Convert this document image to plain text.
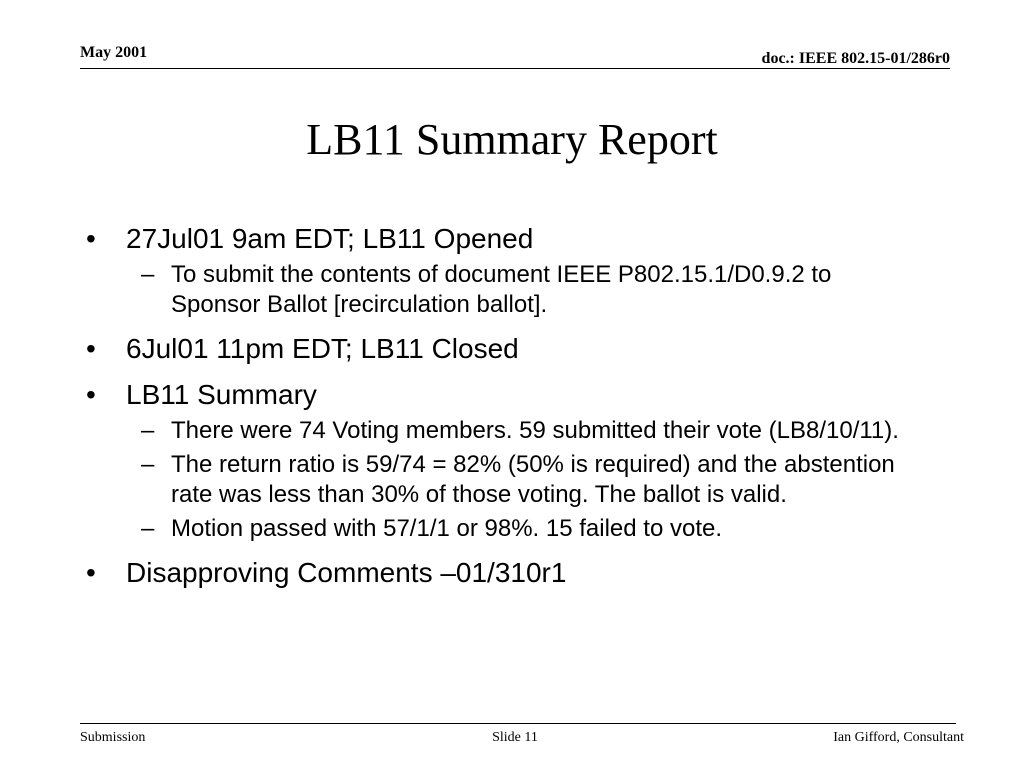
May 2001	doc.: IEEE 802.15-01/286r0
LB11 Summary Report
• 27Jul01 9am EDT; LB11 Opened
– To submit the contents of document IEEE P802.15.1/D0.9.2 to Sponsor Ballot [recirculation ballot].
• 6Jul01 11pm EDT; LB11 Closed
• LB11 Summary
– There were 74 Voting members. 59 submitted their vote (LB8/10/11).
– The return ratio is 59/74 = 82% (50% is required) and the abstention rate was less than 30% of those voting. The ballot is valid.
– Motion passed with 57/1/1 or 98%. 15 failed to vote.
• Disapproving Comments –01/310r1
Submission	Slide 11	Ian Gifford, Consultant
